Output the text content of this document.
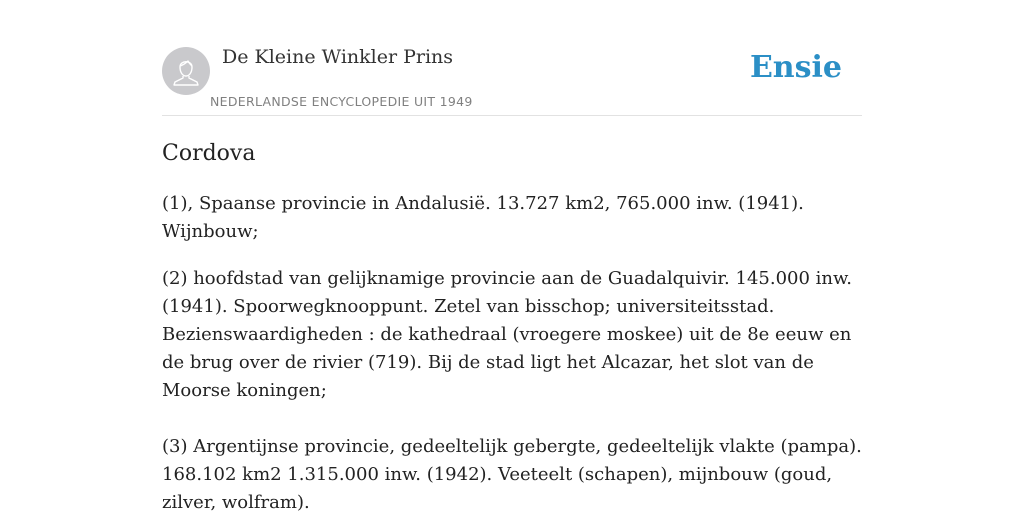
De Kleine Winkler Prins
NEDERLANDSE ENCYCLOPEDIE UIT 1949
Ensie
Cordova

(1), Spaanse provincie in Andalusië. 13.727 km2, 765.000 inw. (1941). Wijnbouw;

(2) hoofdstad van gelijknamige provincie aan de Guadalquivir. 145.000 inw. (1941). Spoorwegknooppunt. Zetel van bisschop; universiteitsstad. Bezienswaardigheden : de kathedraal (vroegere moskee) uit de 8e eeuw en de brug over de rivier (719). Bij de stad ligt het Alcazar, het slot van de Moorse koningen;

(3) Argentijnse provincie, gedeeltelijk gebergte, gedeeltelijk vlakte (pampa). 168.102 km2 1.315.000 inw. (1942). Veeteelt (schapen), mijnbouw (goud, zilver, wolfram).
